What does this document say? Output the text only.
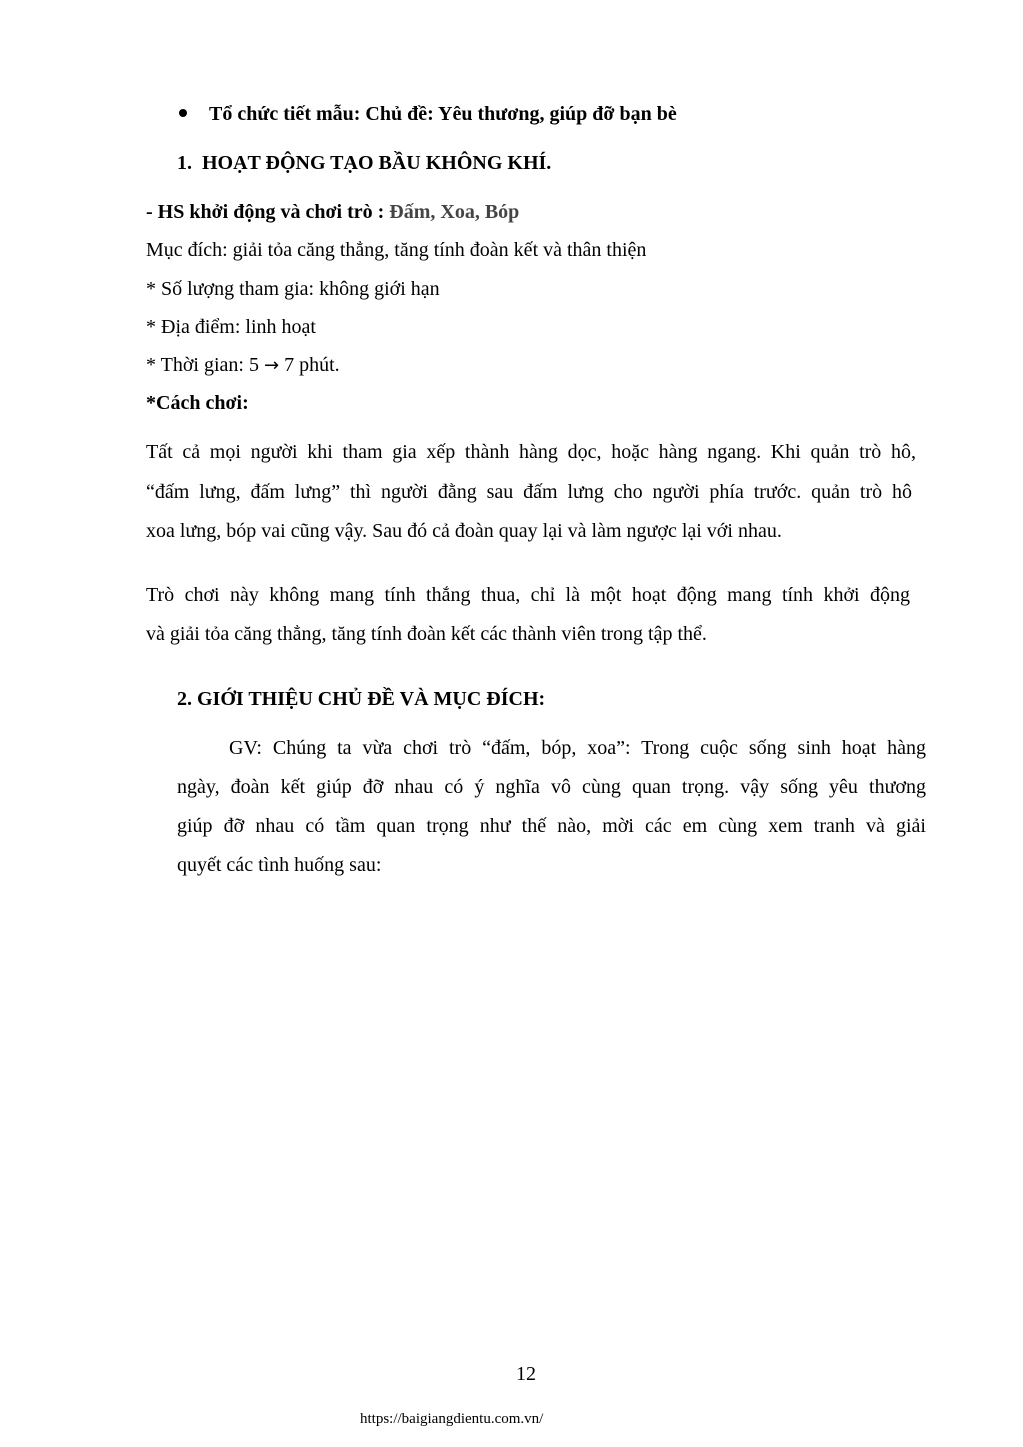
Tổ chức tiết mẫu: Chủ đề: Yêu thương, giúp đỡ bạn bè
1. HOẠT ĐỘNG TẠO BẦU KHÔNG KHÍ.
- HS khởi động và chơi trò : Đấm, Xoa, Bóp
Mục đích: giải tỏa căng thẳng, tăng tính đoàn kết và thân thiện
* Số lượng tham gia: không giới hạn
* Địa điểm: linh hoạt
* Thời gian: 5 → 7 phút.
*Cách chơi:
Tất cả mọi người khi tham gia xếp thành hàng dọc, hoặc hàng ngang. Khi quản trò hô,
“đấm lưng, đấm lưng” thì người đằng sau đấm lưng cho người phía trước. quản trò hô
xoa lưng, bóp vai cũng vậy. Sau đó cả đoàn quay lại và làm ngược lại với nhau.
Trò chơi này không mang tính thắng thua, chỉ là một hoạt động mang tính khởi động
và giải tỏa căng thẳng, tăng tính đoàn kết các thành viên trong tập thể.
2. GIỚI THIỆU CHỦ ĐỀ VÀ MỤC ĐÍCH:
GV: Chúng ta vừa chơi trò “đấm, bóp, xoa”: Trong cuộc sống sinh hoạt hàng
ngày, đoàn kết giúp đỡ nhau có ý nghĩa vô cùng quan trọng. vậy sống yêu thương
giúp đỡ nhau có tầm quan trọng như thế nào, mời các em cùng xem tranh và giải
quyết các tình huống sau:
12
https://baigiangdientu.com.vn/
